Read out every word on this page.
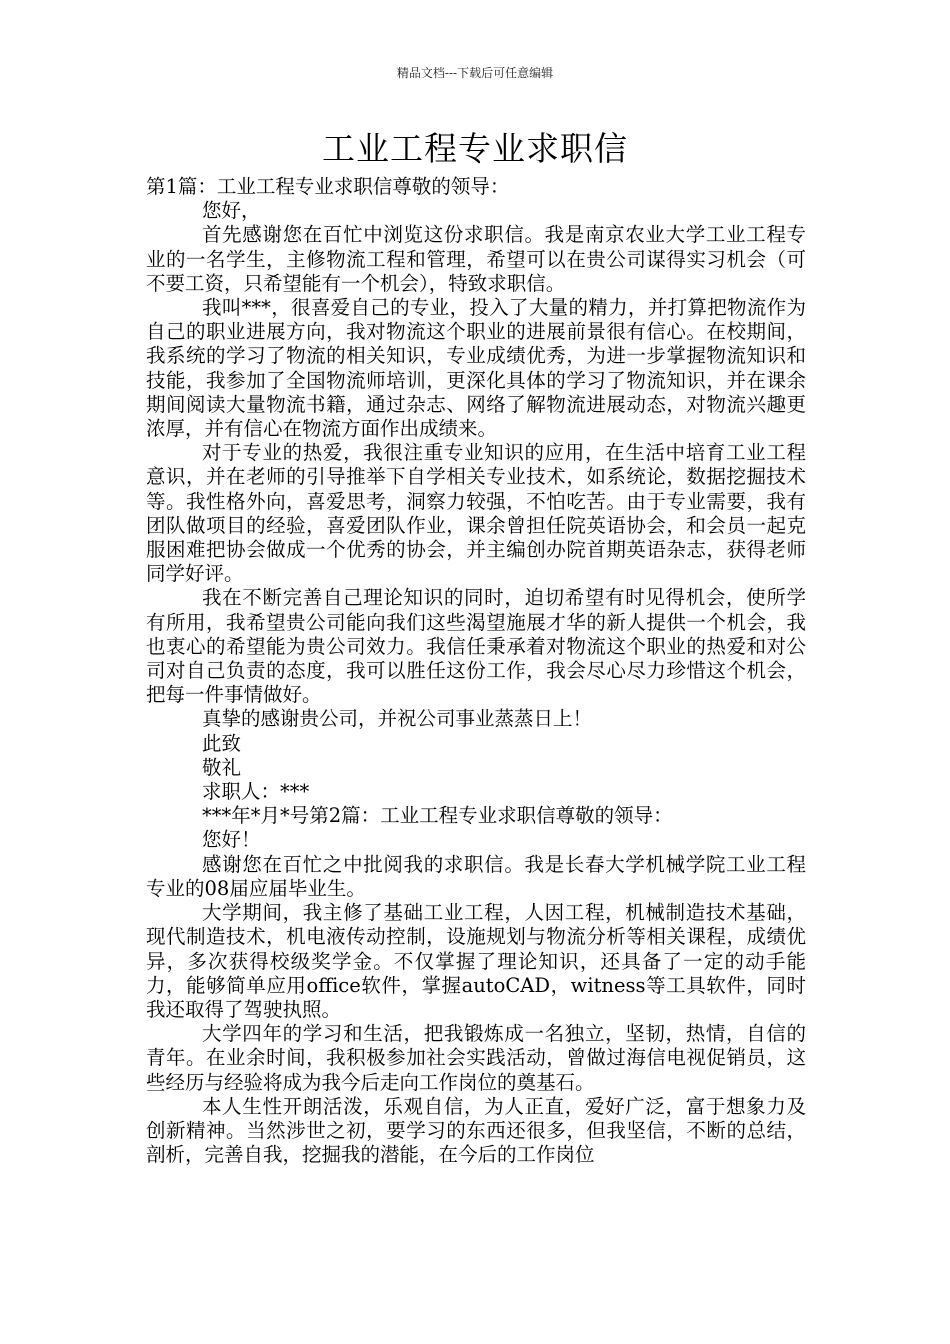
精品文档---下载后可任意编辑
工业工程专业求职信

第1篇：工业工程专业求职信尊敬的领导：

您好，

首先感谢您在百忙中浏览这份求职信。我是南京农业大学工业工程专业的一名学生，主修物流工程和管理，希望可以在贵公司谋得实习机会（可不要工资，只希望能有一个机会），特致求职信。

我叫***，很喜爱自己的专业，投入了大量的精力，并打算把物流作为自己的职业进展方向，我对物流这个职业的进展前景很有信心。在校期间，我系统的学习了物流的相关知识，专业成绩优秀，为进一步掌握物流知识和技能，我参加了全国物流师培训，更深化具体的学习了物流知识，并在课余期间阅读大量物流书籍，通过杂志、网络了解物流进展动态，对物流兴趣更浓厚，并有信心在物流方面作出成绩来。

对于专业的热爱，我很注重专业知识的应用，在生活中培育工业工程意识，并在老师的引导推举下自学相关专业技术，如系统论，数据挖掘技术等。我性格外向，喜爱思考，洞察力较强，不怕吃苦。由于专业需要，我有团队做项目的经验，喜爱团队作业，课余曾担任院英语协会，和会员一起克服困难把协会做成一个优秀的协会，并主编创办院首期英语杂志，获得老师同学好评。

我在不断完善自己理论知识的同时，迫切希望有时见得机会，使所学有所用，我希望贵公司能向我们这些渴望施展才华的新人提供一个机会，我也衷心的希望能为贵公司效力。我信任秉承着对物流这个职业的热爱和对公司对自己负责的态度，我可以胜任这份工作，我会尽心尽力珍惜这个机会，把每一件事情做好。

真挚的感谢贵公司，并祝公司事业蒸蒸日上！

此致

敬礼

求职人：***

***年*月*号第2篇：工业工程专业求职信尊敬的领导：

您好！

感谢您在百忙之中批阅我的求职信。我是长春大学机械学院工业工程专业的08届应届毕业生。

大学期间，我主修了基础工业工程，人因工程，机械制造技术基础，现代制造技术，机电液传动控制，设施规划与物流分析等相关课程，成绩优异，多次获得校级奖学金。不仅掌握了理论知识，还具备了一定的动手能力，能够简单应用office软件，掌握autoCAD，witness等工具软件，同时我还取得了驾驶执照。

大学四年的学习和生活，把我锻炼成一名独立，坚韧，热情，自信的青年。在业余时间，我积极参加社会实践活动，曾做过海信电视促销员，这些经历与经验将成为我今后走向工作岗位的奠基石。

本人生性开朗活泼，乐观自信，为人正直，爱好广泛，富于想象力及创新精神。当然涉世之初，要学习的东西还很多，但我坚信，不断的总结，剖析，完善自我，挖掘我的潜能，在今后的工作岗位
